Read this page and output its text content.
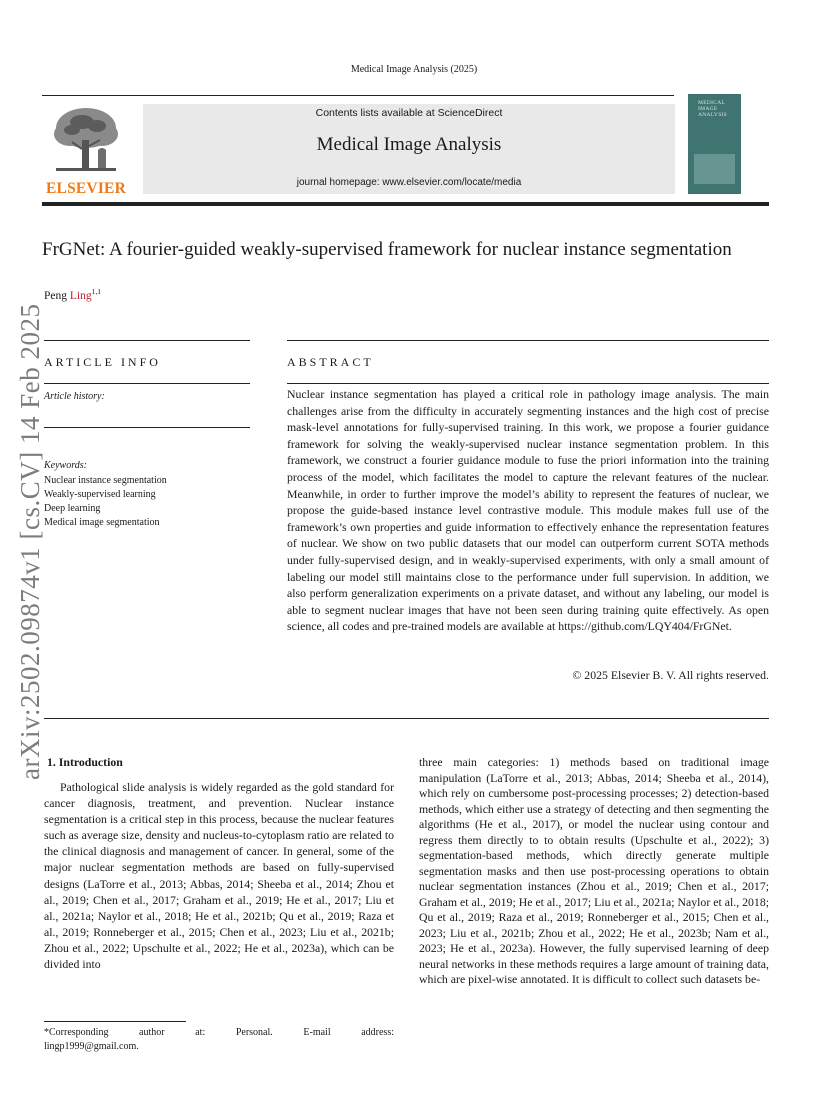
Medical Image Analysis (2025)
ELSEVIER
Contents lists available at ScienceDirect
Medical Image Analysis
journal homepage: www.elsevier.com/locate/media
MEDICAL IMAGE ANALYSIS
FrGNet: A fourier-guided weakly-supervised framework for nuclear instance segmentation
Peng Ling$^{1,1}$
ARTICLE INFO
Article history:
Keywords:
Nuclear instance segmentation
Weakly-supervised learning
Deep learning
Medical image segmentation
ABSTRACT
Nuclear instance segmentation has played a critical role in pathology image analysis. The main challenges arise from the difficulty in accurately segmenting instances and the high cost of precise mask-level annotations for fully-supervised training. In this work, we propose a fourier guidance framework for solving the weakly-supervised nuclear instance segmentation problem. In this framework, we construct a fourier guidance module to fuse the priori information into the training process of the model, which facilitates the model to capture the relevant features of the nuclear. Meanwhile, in order to further improve the model’s ability to represent the features of nuclear, we propose the guide-based instance level contrastive module. This module makes full use of the framework’s own properties and guide information to effectively enhance the representation features of nuclear. We show on two public datasets that our model can outperform current SOTA methods under fully-supervised design, and in weakly-supervised experiments, with only a small amount of labeling our model still maintains close to the performance under full supervision. In addition, we also perform generalization experiments on a private dataset, and without any labeling, our model is able to segment nuclear images that have not been seen during training quite effectively. As open science, all codes and pre-trained models are available at https://github.com/LQY404/FrGNet.
© 2025 Elsevier B. V. All rights reserved.
1. Introduction
Pathological slide analysis is widely regarded as the gold standard for cancer diagnosis, treatment, and prevention. Nuclear instance segmentation is a critical step in this process, because the nuclear features such as average size, density and nucleus-to-cytoplasm ratio are related to the clinical diagnosis and management of cancer. In general, some of the major nuclear segmentation methods are based on fully-supervised designs (LaTorre et al., 2013; Abbas, 2014; Sheeba et al., 2014; Zhou et al., 2019; Chen et al., 2017; Graham et al., 2019; He et al., 2017; Liu et al., 2021a; Naylor et al., 2018; He et al., 2021b; Qu et al., 2019; Raza et al., 2019; Ronneberger et al., 2015; Chen et al., 2023; Liu et al., 2021b; Zhou et al., 2022; Upschulte et al., 2022; He et al., 2023a), which can be divided into
three main categories: 1) methods based on traditional image manipulation (LaTorre et al., 2013; Abbas, 2014; Sheeba et al., 2014), which rely on cumbersome post-processing processes; 2) detection-based methods, which either use a strategy of detecting and then segmenting the algorithms (He et al., 2017), or model the nuclear using contour and regress them directly to to obtain results (Upschulte et al., 2022); 3) segmentation-based methods, which directly generate multiple segmentation masks and then use post-processing operations to obtain nuclear segmentation instances (Zhou et al., 2019; Chen et al., 2017; Graham et al., 2019; He et al., 2017; Liu et al., 2021a; Naylor et al., 2018; Qu et al., 2019; Raza et al., 2019; Ronneberger et al., 2015; Chen et al., 2023; Liu et al., 2021b; Zhou et al., 2022; He et al., 2023b; Nam et al., 2023; He et al., 2023a). However, the fully supervised learning of deep neural networks in these methods requires a large amount of training data, which are pixel-wise annotated. It is difficult to collect such datasets be-
*Corresponding author at: Personal. E-mail address:
lingp1999@gmail.com.
arXiv:2502.09874v1 [cs.CV] 14 Feb 2025
